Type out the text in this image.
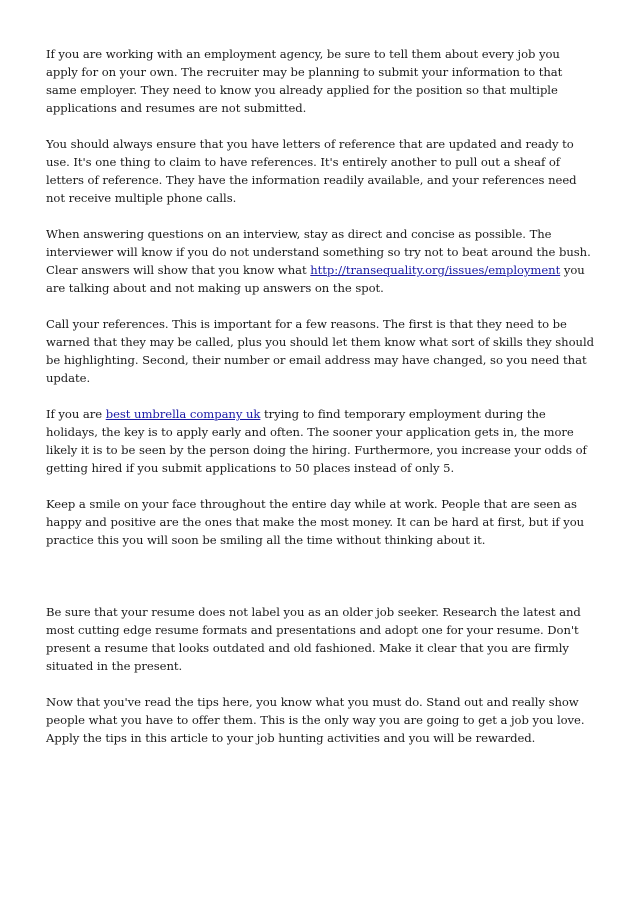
If you are working with an employment agency, be sure to tell them about every job you apply for on your own. The recruiter may be planning to submit your information to that same employer. They need to know you already applied for the position so that multiple applications and resumes are not submitted.

You should always ensure that you have letters of reference that are updated and ready to use. It's one thing to claim to have references. It's entirely another to pull out a sheaf of letters of reference. They have the information readily available, and your references need not receive multiple phone calls.

When answering questions on an interview, stay as direct and concise as possible. The interviewer will know if you do not understand something so try not to beat around the bush. Clear answers will show that you know what http://transequality.org/issues/employment you are talking about and not making up answers on the spot.

Call your references. This is important for a few reasons. The first is that they need to be warned that they may be called, plus you should let them know what sort of skills they should be highlighting. Second, their number or email address may have changed, so you need that update.

If you are best umbrella company uk trying to find temporary employment during the holidays, the key is to apply early and often. The sooner your application gets in, the more likely it is to be seen by the person doing the hiring. Furthermore, you increase your odds of getting hired if you submit applications to 50 places instead of only 5.

Keep a smile on your face throughout the entire day while at work. People that are seen as happy and positive are the ones that make the most money. It can be hard at first, but if you practice this you will soon be smiling all the time without thinking about it.

Be sure that your resume does not label you as an older job seeker. Research the latest and most cutting edge resume formats and presentations and adopt one for your resume. Don't present a resume that looks outdated and old fashioned. Make it clear that you are firmly situated in the present.

Now that you've read the tips here, you know what you must do. Stand out and really show people what you have to offer them. This is the only way you are going to get a job you love. Apply the tips in this article to your job hunting activities and you will be rewarded.
